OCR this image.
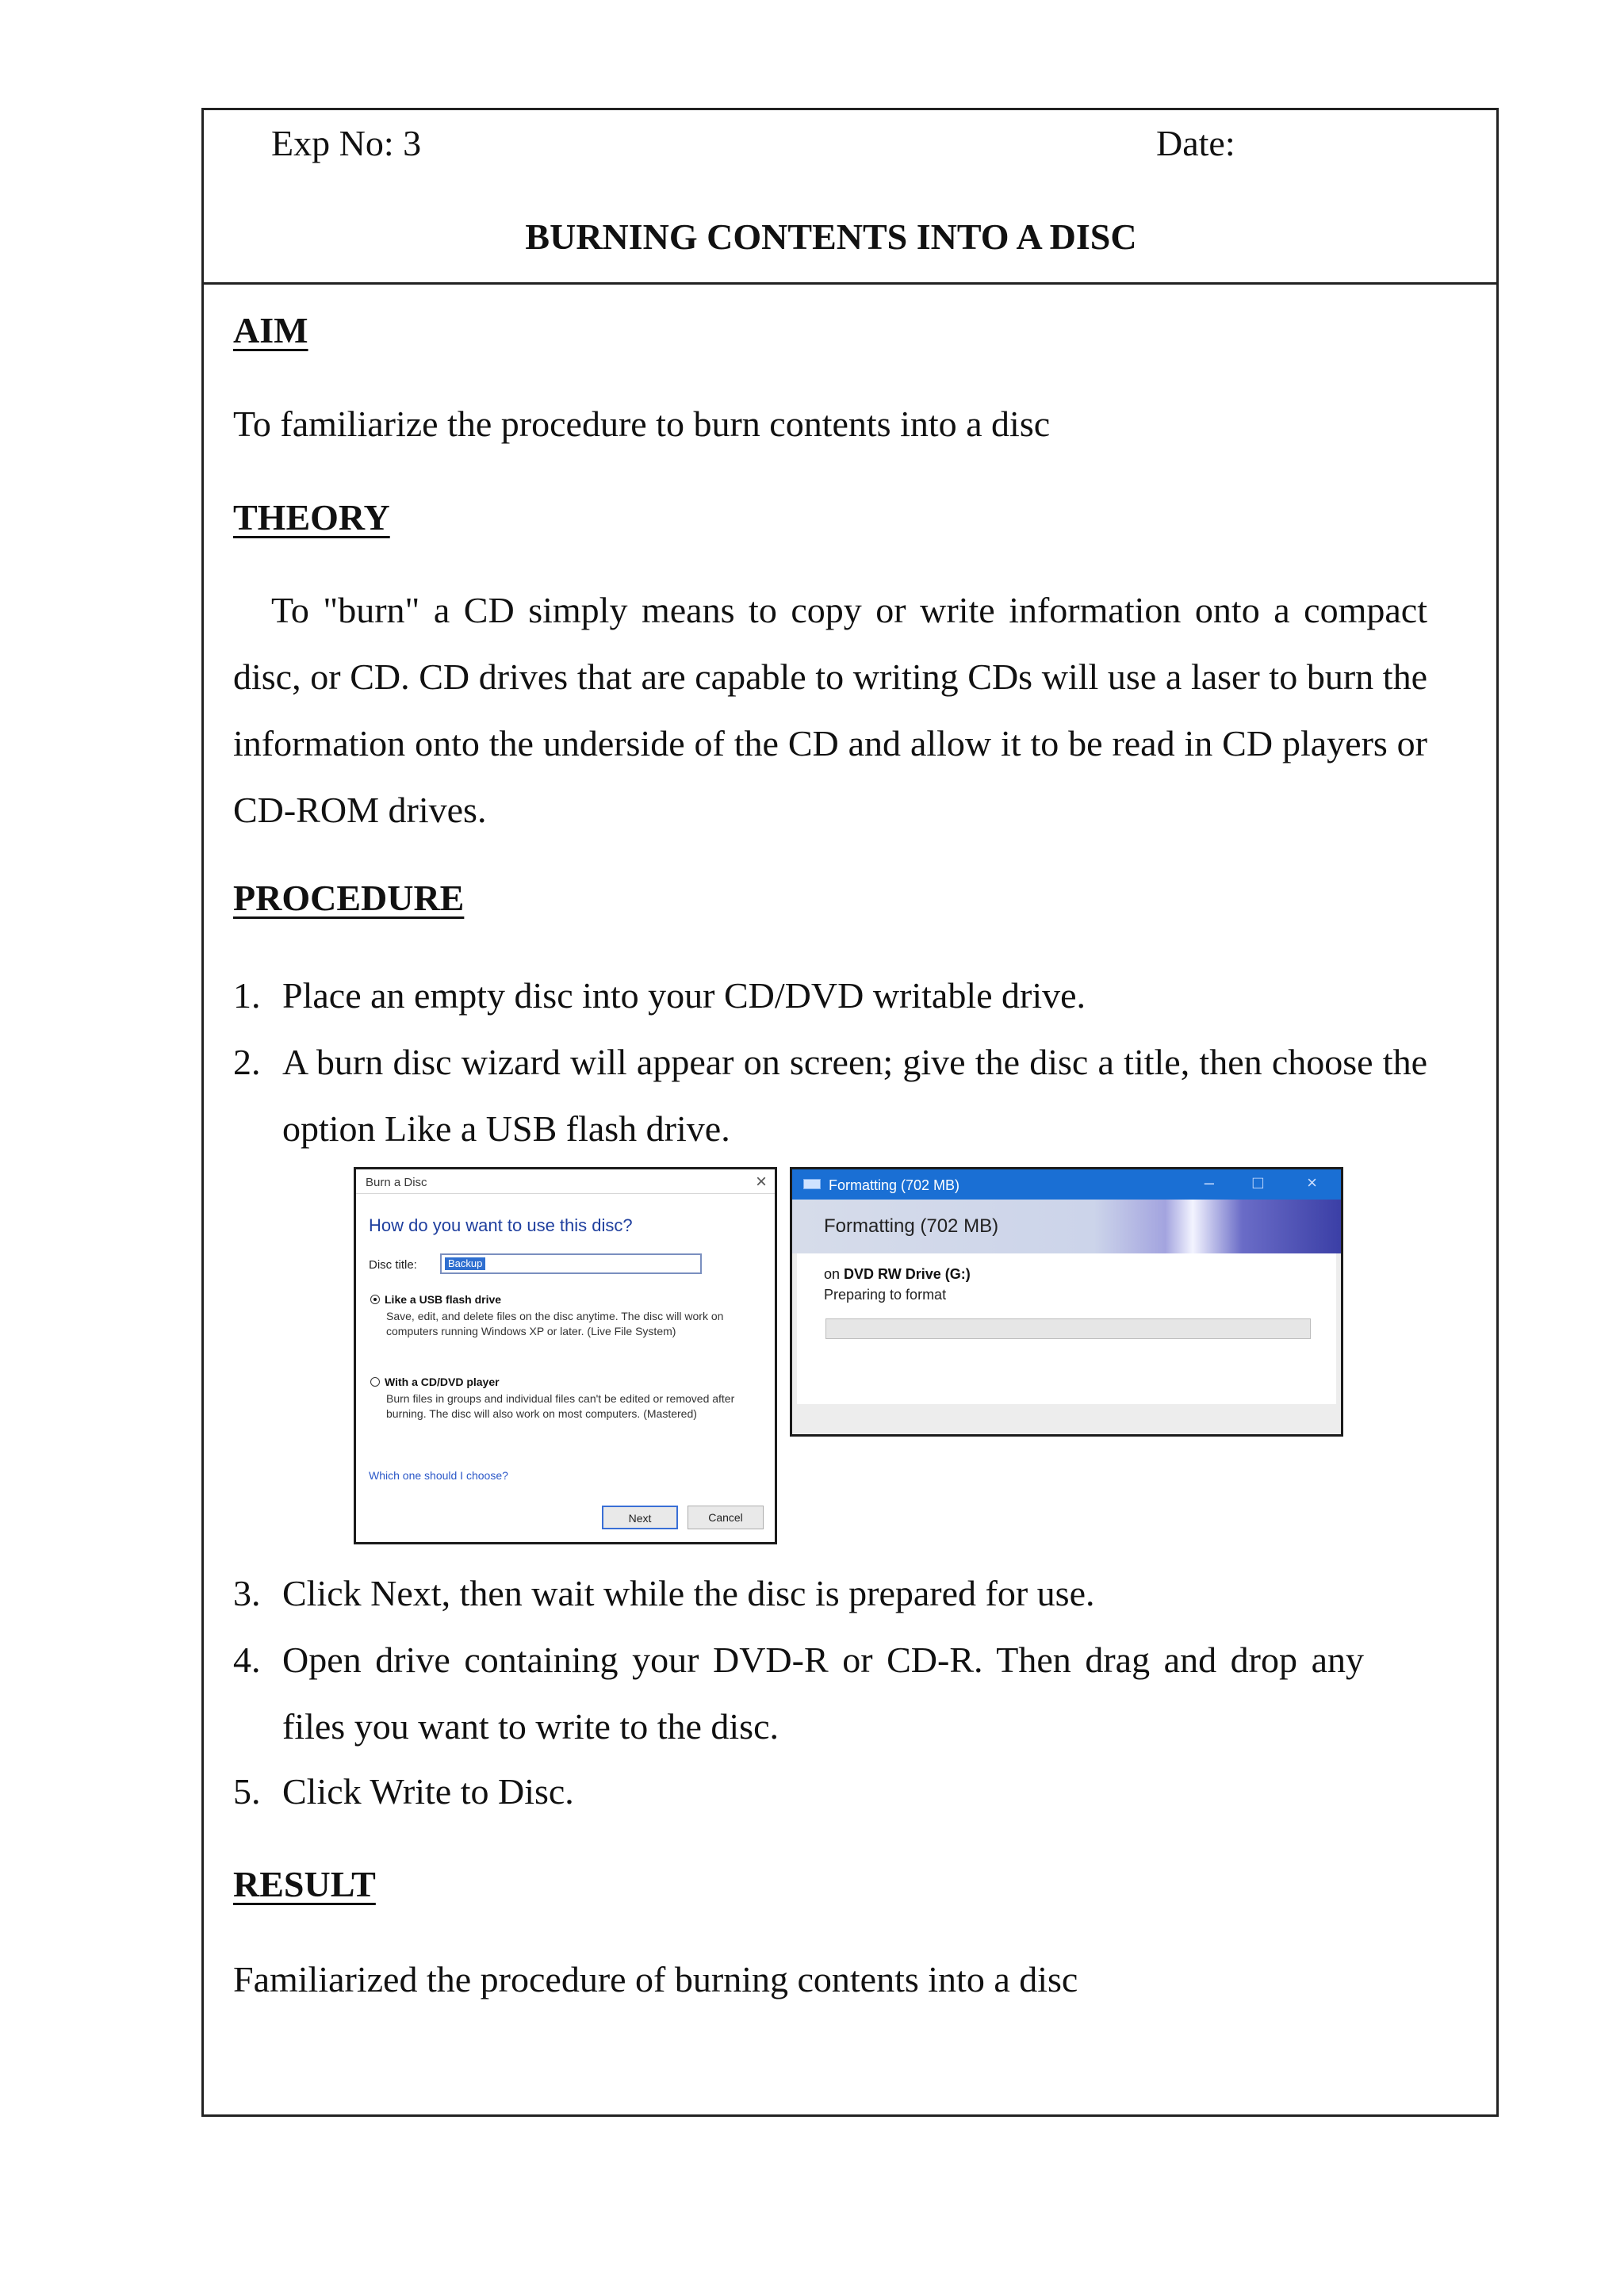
Exp No: 3	Date:
BURNING CONTENTS INTO A DISC
AIM
To familiarize the procedure to burn contents into a disc
THEORY
To "burn" a CD simply means to copy or write information onto a compact disc, or CD. CD drives that are capable to writing CDs will use a laser to burn the information onto the underside of the CD and allow it to be read in CD players or CD-ROM drives.
PROCEDURE
1. Place an empty disc into your CD/DVD writable drive.
2. A burn disc wizard will appear on screen; give the disc a title, then choose the option Like a USB flash drive.
Burn a Disc	×
How do you want to use this disc?
Disc title:	Backup
Like a USB flash drive
Save, edit, and delete files on the disc anytime. The disc will work on computers running Windows XP or later. (Live File System)
With a CD/DVD player
Burn files in groups and individual files can't be edited or removed after burning. The disc will also work on most computers. (Mastered)
Which one should I choose?
Next	Cancel
Formatting (702 MB)	– □	×
Formatting (702 MB)
on DVD RW Drive (G:)
Preparing to format
3. Click Next, then wait while the disc is prepared for use.
4. Open drive containing your DVD-R or CD-R. Then drag and drop any files you want to write to the disc.
5. Click Write to Disc.
RESULT
Familiarized the procedure of burning contents into a disc
